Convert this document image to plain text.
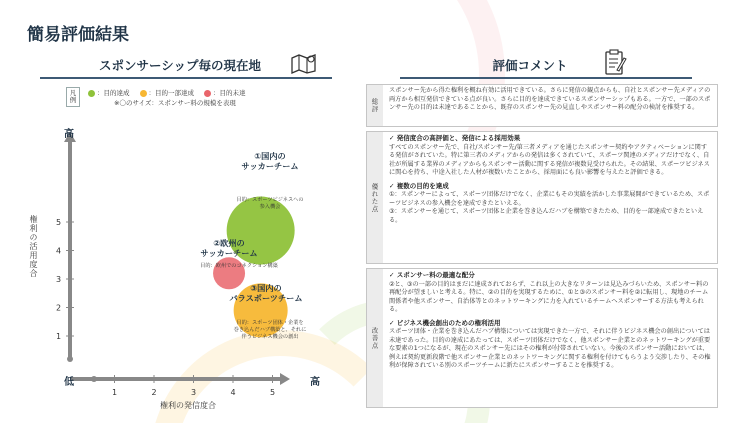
簡易評価結果
スポンサーシップ毎の現在地
凡例
：目的達成	：目的一部達成	：目的未達
※〇のサイズ：スポンサー料の規模を表現
1
2
3
4
5
1	2	3	4	5
高
低	高
権利の活用度合
権利の発信度合
①国内の
サッカーチーム
目的：スポーツビジネスへの
参入機会
②欧州の
サッカーチーム
目的：欧州でのコネクション構築
③国内の
バラスポーツチーム
目的：スポーツ団体・企業を
巻き込んだハブ構築と、それに
伴うビジネス機会の創出
評価コメント
総評

スポンサー先から得た権利を概ね有効に活用できている。さらに発信の観点からも、自社とスポンサー先メディアの両方から相互発信できている点が良い。さらに目的を達成できているスポンサーシップもある。一方で、一部のスポンサー先の目的は未達であることから、既存のスポンサー先の見直しやスポンサー料の配分の検討を推奨する。

優れた点

✓ 発信度合の高評価と、発信による採用効果

すべてのスポンサー先で、自社/スポンサー先/第三者メディアを通じたスポンサー契約やアクティベーションに関する発信がされていた。特に第三者のメディアからの発信は多くされていて、スポーツ関連のメディアだけでなく、自社が所属する業界のメディアからもスポンサー活動に関する発信が複数見受けられた。その結果、スポーツビジネスに関心を持ち、中途入社した人材が複数いたことから、採用面にも良い影響を与えたと評価できる。

✓ 複数の目的を達成

①：スポンサーによって、スポーツ団体だけでなく、企業にもその実績を活かした事業展開ができているため、スポーツビジネスの参入機会を達成できたといえる。
③：スポンサーを通じて、スポーツ団体と企業を巻き込んだハブを構築できたため、目的を一部達成できたといえる。

改善点

✓ スポンサー料の最適な配分

②と、③の一部の目的はまだに達成されておらず、これ以上の大きなリターンは見込みづらいため、スポンサー料の再配分が望ましいと考える。特に、②の目的を実現するために、①と③のスポンサー料を②に転用し、現地のチーム関係者や他スポンサー、自治体等とのネットワーキングに力を入れているチームへスポンサーする方法も考えられる。

✓ ビジネス機会創出のための権利活用

スポーツ団体・企業を巻き込んだハブ構築については実現できた一方で、それに伴うビジネス機会の創出については未達であった。目的の達成にあたっては、スポーツ団体だけでなく、他スポンサー企業とのネットワーキングが重要な要素の1つになるが、現在のスポンサー先にはその権利が付帯されていない。今後のスポンサー活動においては、例えば契約更新段階で他スポンサー企業とのネットワーキングに関する権利を付けてもらうよう交渉したり、その権利が保障されている別のスポーツチームに新たにスポンサーすることを推奨する。
